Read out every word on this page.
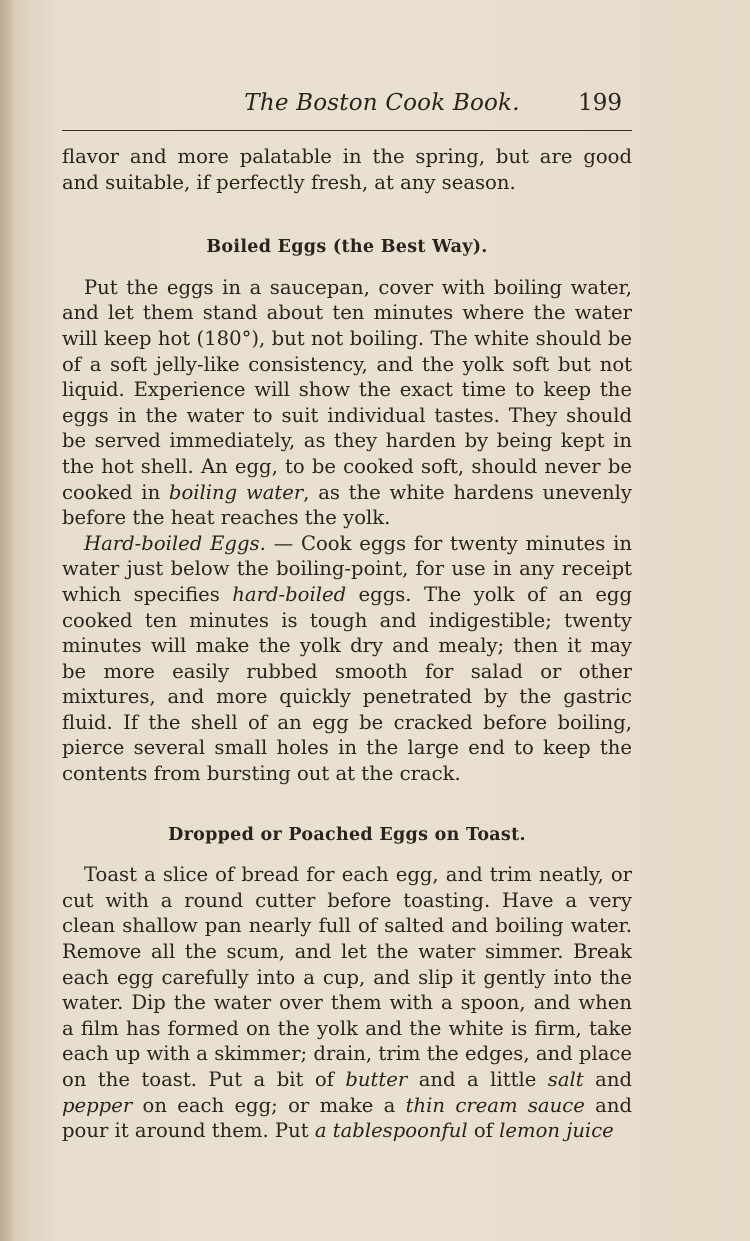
The Boston Cook Book.	199

flavor and more palatable in the spring, but are good and suitable, if perfectly fresh, at any season.

Boiled Eggs (the Best Way).

Put the eggs in a saucepan, cover with boiling water, and let them stand about ten minutes where the water will keep hot (180°), but not boiling. The white should be of a soft jelly-like consistency, and the yolk soft but not liquid. Experience will show the exact time to keep the eggs in the water to suit individual tastes. They should be served immediately, as they harden by being kept in the hot shell. An egg, to be cooked soft, should never be cooked in boiling water, as the white hardens unevenly before the heat reaches the yolk.

Hard-boiled Eggs. — Cook eggs for twenty minutes in water just below the boiling-point, for use in any receipt which specifies hard-boiled eggs. The yolk of an egg cooked ten minutes is tough and indigestible; twenty minutes will make the yolk dry and mealy; then it may be more easily rubbed smooth for salad or other mixtures, and more quickly penetrated by the gastric fluid. If the shell of an egg be cracked before boiling, pierce several small holes in the large end to keep the contents from bursting out at the crack.

Dropped or Poached Eggs on Toast.

Toast a slice of bread for each egg, and trim neatly, or cut with a round cutter before toasting. Have a very clean shallow pan nearly full of salted and boiling water. Remove all the scum, and let the water simmer. Break each egg carefully into a cup, and slip it gently into the water. Dip the water over them with a spoon, and when a film has formed on the yolk and the white is firm, take each up with a skimmer; drain, trim the edges, and place on the toast. Put a bit of butter and a little salt and pepper on each egg; or make a thin cream sauce and pour it around them. Put a tablespoonful of lemon juice
